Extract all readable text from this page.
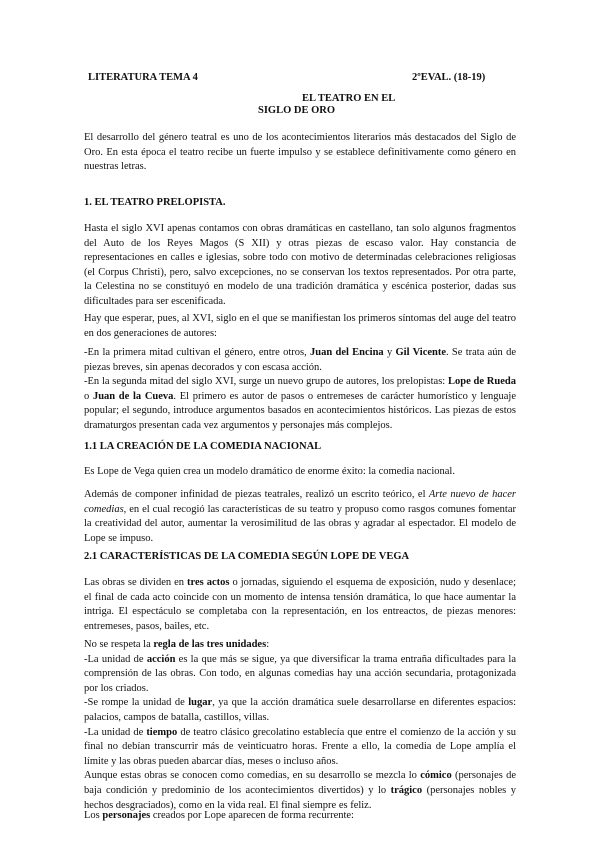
LITERATURA TEMA 4	2ºEVAL. (18-19)
EL TEATRO EN EL
SIGLO DE ORO
El desarrollo del género teatral es uno de los acontecimientos literarios más destacados del Siglo de Oro. En esta época el teatro recibe un fuerte impulso y se establece definitivamente como género en nuestras letras.
1. EL TEATRO PRELOPISTA.
Hasta el siglo XVI apenas contamos con obras dramáticas en castellano, tan solo algunos fragmentos del Auto de los Reyes Magos (S XII) y otras piezas de escaso valor. Hay constancia de representaciones en calles e iglesias, sobre todo con motivo de determinadas celebraciones religiosas (el Corpus Christi), pero, salvo excepciones, no se conservan los textos representados. Por otra parte, la Celestina no se constituyó en modelo de una tradición dramática y escénica posterior, dadas sus dificultades para ser escenificada.
Hay que esperar, pues, al XVI, siglo en el que se manifiestan los primeros síntomas del auge del teatro en dos generaciones de autores:
-En la primera mitad cultivan el género, entre otros, Juan del Encina y Gil Vicente. Se trata aún de piezas breves, sin apenas decorados y con escasa acción.
-En la segunda mitad del siglo XVI, surge un nuevo grupo de autores, los prelopistas: Lope de Rueda o Juan de la Cueva. El primero es autor de pasos o entremeses de carácter humorístico y lenguaje popular; el segundo, introduce argumentos basados en acontecimientos históricos. Las piezas de estos dramaturgos presentan cada vez argumentos y personajes más complejos.
1.1 LA CREACIÓN DE LA COMEDIA NACIONAL
Es Lope de Vega quien crea un modelo dramático de enorme éxito: la comedia nacional.
Además de componer infinidad de piezas teatrales, realizó un escrito teórico, el Arte nuevo de hacer comedias, en el cual recogió las características de su teatro y propuso como rasgos comunes fomentar la creatividad del autor, aumentar la verosimilitud de las obras y agradar al espectador. El modelo de Lope se impuso.
2.1 CARACTERÍSTICAS DE LA COMEDIA SEGÚN LOPE DE VEGA
Las obras se dividen en tres actos o jornadas, siguiendo el esquema de exposición, nudo y desenlace; el final de cada acto coincide con un momento de intensa tensión dramática, lo que hace aumentar la intriga. El espectáculo se completaba con la representación, en los entreactos, de piezas menores: entremeses, pasos, bailes, etc.
No se respeta la regla de las tres unidades:
-La unidad de acción es la que más se sigue, ya que diversificar la trama entraña dificultades para la comprensión de las obras. Con todo, en algunas comedias hay una acción secundaria, protagonizada por los criados.
-Se rompe la unidad de lugar, ya que la acción dramática suele desarrollarse en diferentes espacios: palacios, campos de batalla, castillos, villas.
-La unidad de tiempo de teatro clásico grecolatino establecía que entre el comienzo de la acción y su final no debían transcurrir más de veinticuatro horas. Frente a ello, la comedia de Lope amplía el límite y las obras pueden abarcar días, meses o incluso años.
Aunque estas obras se conocen como comedias, en su desarrollo se mezcla lo cómico (personajes de baja condición y predominio de los acontecimientos divertidos) y lo trágico (personajes nobles y hechos desgraciados), como en la vida real. El final siempre es feliz.
Los personajes creados por Lope aparecen de forma recurrente:
